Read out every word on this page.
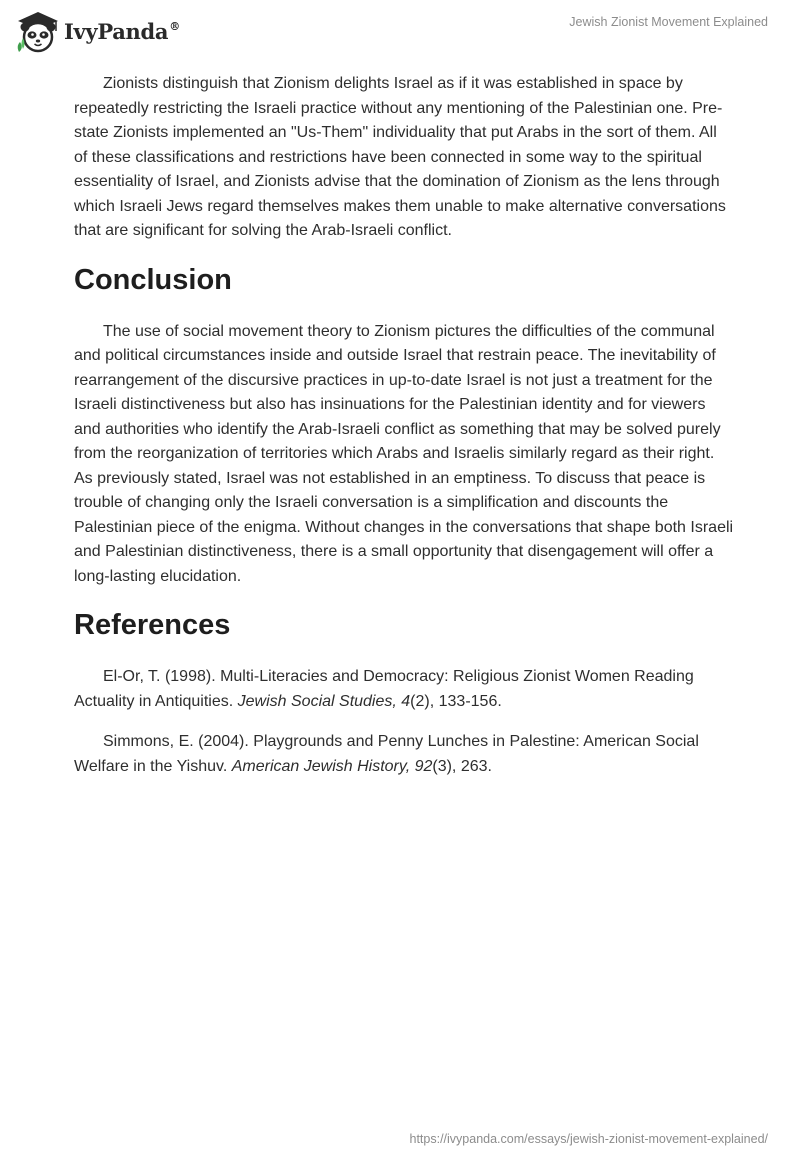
IvyPanda®	Jewish Zionist Movement Explained

Zionists distinguish that Zionism delights Israel as if it was established in space by repeatedly restricting the Israeli practice without any mentioning of the Palestinian one. Pre-state Zionists implemented an "Us-Them" individuality that put Arabs in the sort of them. All of these classifications and restrictions have been connected in some way to the spiritual essentiality of Israel, and Zionists advise that the domination of Zionism as the lens through which Israeli Jews regard themselves makes them unable to make alternative conversations that are significant for solving the Arab-Israeli conflict.

Conclusion

The use of social movement theory to Zionism pictures the difficulties of the communal and political circumstances inside and outside Israel that restrain peace. The inevitability of rearrangement of the discursive practices in up-to-date Israel is not just a treatment for the Israeli distinctiveness but also has insinuations for the Palestinian identity and for viewers and authorities who identify the Arab-Israeli conflict as something that may be solved purely from the reorganization of territories which Arabs and Israelis similarly regard as their right. As previously stated, Israel was not established in an emptiness. To discuss that peace is trouble of changing only the Israeli conversation is a simplification and discounts the Palestinian piece of the enigma. Without changes in the conversations that shape both Israeli and Palestinian distinctiveness, there is a small opportunity that disengagement will offer a long-lasting elucidation.

References

El-Or, T. (1998). Multi-Literacies and Democracy: Religious Zionist Women Reading Actuality in Antiquities. Jewish Social Studies, 4(2), 133-156.

Simmons, E. (2004). Playgrounds and Penny Lunches in Palestine: American Social Welfare in the Yishuv. American Jewish History, 92(3), 263.

https://ivypanda.com/essays/jewish-zionist-movement-explained/
